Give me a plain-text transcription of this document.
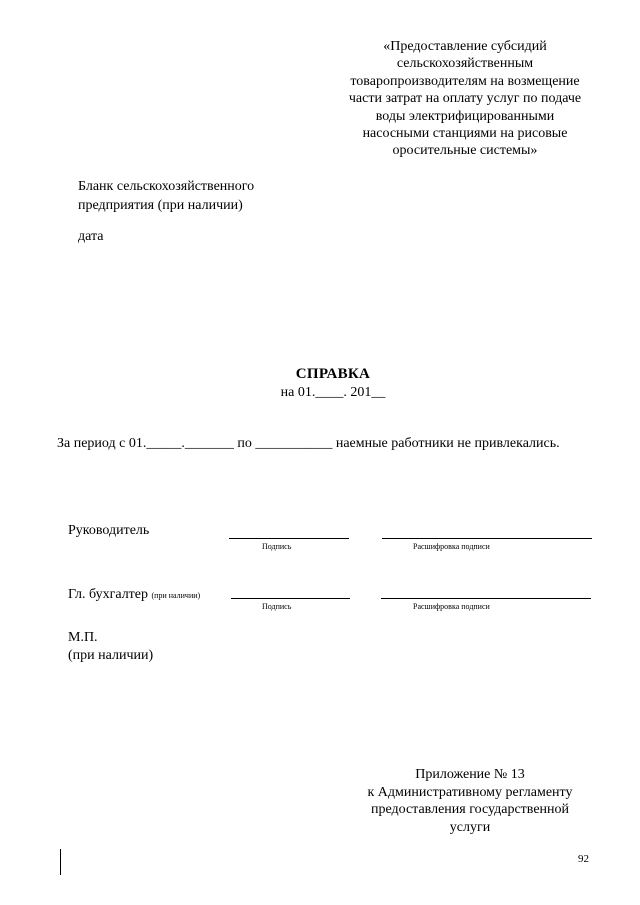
«Предоставление субсидий
сельскохозяйственным
товаропроизводителям на возмещение
части затрат на оплату услуг по подаче
воды электрифицированными
насосными станциями на рисовые
оросительные системы»
Бланк сельскохозяйственного
предприятия (при наличии)
дата
СПРАВКА
на 01.____. 201__
За период с 01._____._______ по ___________ наемные работники не привлекались.
Руководитель
Подпись	Расшифровка подписи
Гл. бухгалтер (при наличии)
Подпись	Расшифровка подписи
М.П.
(при наличии)
Приложение № 13
к Административному регламенту
предоставления государственной
услуги
92
